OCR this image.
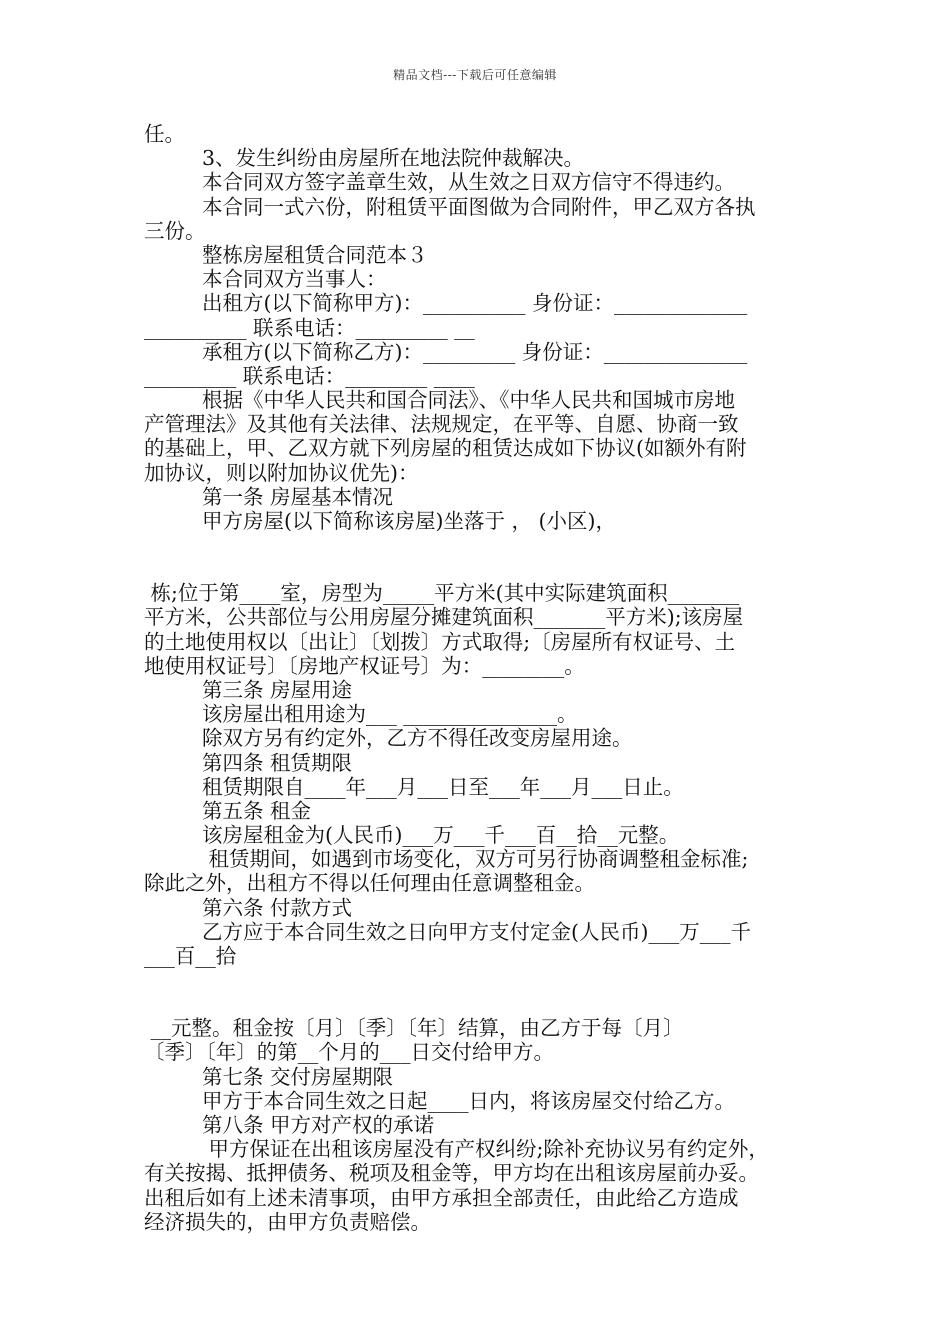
精品文档---下载后可任意编辑
任。
3、发生纠纷由房屋所在地法院仲裁解决。
本合同双方签字盖章生效，从生效之日双方信守不得违约。
本合同一式六份，附租赁平面图做为合同附件，甲乙双方各执
三份。
整栋房屋租赁合同范本３
本合同双方当事人：
出租方(以下简称甲方)：__________ 身份证：_____________
__________ 联系电话：_________ __
承租方(以下简称乙方)：_________ 身份证：______________
_________ 联系电话：________ ____
根据《中华人民共和国合同法》、《中华人民共和国城市房地
产管理法》及其他有关法律、法规规定，在平等、自愿、协商一致
的基础上，甲、乙双方就下列房屋的租赁达成如下协议(如额外有附
加协议，则以附加协议优先)：
第一条 房屋基本情况
甲方房屋(以下简称该房屋)坐落于 ， (小区)，
栋;位于第____室，房型为_____平方米(其中实际建筑面积_______
平方米，公共部位与公用房屋分摊建筑面积_______平方米);该房屋
的土地使用权以〔出让〕〔划拨〕方式取得;〔房屋所有权证号、土
地使用权证号〕〔房地产权证号〕为：________。
第三条 房屋用途
该房屋出租用途为___ _______________。
除双方另有约定外，乙方不得任改变房屋用途。
第四条 租赁期限
租赁期限自____年___月___日至___年___月___日止。
第五条 租金
该房屋租金为(人民币)___万___千___百__拾__元整。
租赁期间，如遇到市场变化，双方可另行协商调整租金标准;
除此之外，出租方不得以任何理由任意调整租金。
第六条 付款方式
乙方应于本合同生效之日向甲方支付定金(人民币)___万___千
___百__拾
__元整。租金按〔月〕〔季〕〔年〕结算，由乙方于每〔月〕
〔季〕〔年〕的第__个月的___日交付给甲方。
第七条 交付房屋期限
甲方于本合同生效之日起____日内，将该房屋交付给乙方。
第八条 甲方对产权的承诺
甲方保证在出租该房屋没有产权纠纷;除补充协议另有约定外，
有关按揭、抵押债务、税项及租金等，甲方均在出租该房屋前办妥。
出租后如有上述未清事项，由甲方承担全部责任，由此给乙方造成
经济损失的，由甲方负责赔偿。
